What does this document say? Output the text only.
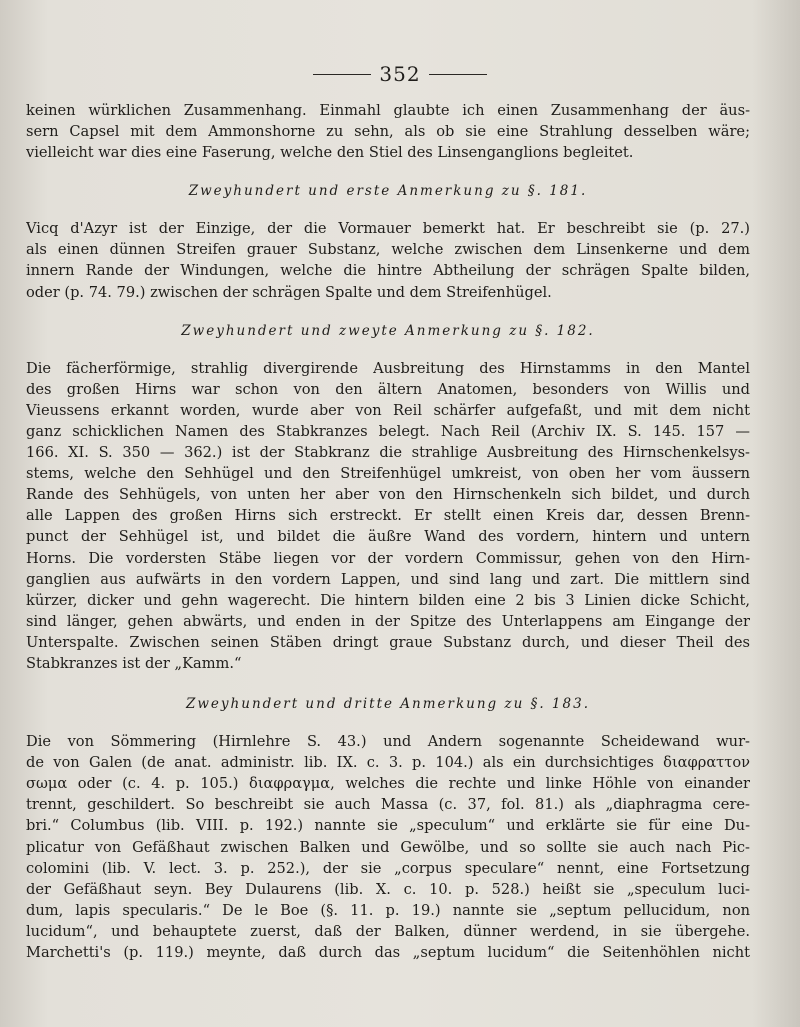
352
keinen würklichen Zusammenhang. Einmahl glaubte ich einen Zusammenhang der äus-
sern Capsel mit dem Ammonshorne zu sehn, als ob sie eine Strahlung desselben wäre;
vielleicht war dies eine Faserung, welche den Stiel des Linsenganglions begleitet.
Zweyhundert und erste Anmerkung zu §. 181.
Vicq d'Azyr ist der Einzige, der die Vormauer bemerkt hat. Er beschreibt sie (p. 27.)
als einen dünnen Streifen grauer Substanz, welche zwischen dem Linsenkerne und dem
innern Rande der Windungen, welche die hintre Abtheilung der schrägen Spalte bilden,
oder (p. 74. 79.) zwischen der schrägen Spalte und dem Streifenhügel.
Zweyhundert und zweyte Anmerkung zu §. 182.
Die fächerförmige, strahlig divergirende Ausbreitung des Hirnstamms in den Mantel
des großen Hirns war schon von den ältern Anatomen, besonders von Willis und
Vieussens erkannt worden, wurde aber von Reil schärfer aufgefaßt, und mit dem nicht
ganz schicklichen Namen des Stabkranzes belegt. Nach Reil (Archiv IX. S. 145. 157 —
166. XI. S. 350 — 362.) ist der Stabkranz die strahlige Ausbreitung des Hirnschenkelsys-
stems, welche den Sehhügel und den Streifenhügel umkreist, von oben her vom äussern
Rande des Sehhügels, von unten her aber von den Hirnschenkeln sich bildet, und durch
alle Lappen des großen Hirns sich erstreckt. Er stellt einen Kreis dar, dessen Brenn-
punct der Sehhügel ist, und bildet die äußre Wand des vordern, hintern und untern
Horns. Die vordersten Stäbe liegen vor der vordern Commissur, gehen von den Hirn-
ganglien aus aufwärts in den vordern Lappen, und sind lang und zart. Die mittlern sind
kürzer, dicker und gehn wagerecht. Die hintern bilden eine 2 bis 3 Linien dicke Schicht,
sind länger, gehen abwärts, und enden in der Spitze des Unterlappens am Eingange der
Unterspalte. Zwischen seinen Stäben dringt graue Substanz durch, und dieser Theil des
Stabkranzes ist der „Kamm.“
Zweyhundert und dritte Anmerkung zu §. 183.
Die von Sömmering (Hirnlehre S. 43.) und Andern sogenannte Scheidewand wur-
de von Galen (de anat. administr. lib. IX. c. 3. p. 104.) als ein durchsichtiges διαφραττον
σωμα oder (c. 4. p. 105.) διαφραγμα, welches die rechte und linke Höhle von einander
trennt, geschildert. So beschreibt sie auch Massa (c. 37, fol. 81.) als „diaphragma cere-
bri.“ Columbus (lib. VIII. p. 192.) nannte sie „speculum“ und erklärte sie für eine Du-
plicatur von Gefäßhaut zwischen Balken und Gewölbe, und so sollte sie auch nach Pic-
colomini (lib. V. lect. 3. p. 252.), der sie „corpus speculare“ nennt, eine Fortsetzung
der Gefäßhaut seyn. Bey Dulaurens (lib. X. c. 10. p. 528.) heißt sie „speculum luci-
dum, lapis specularis.“ De le Boe (§. 11. p. 19.) nannte sie „septum pellucidum, non
lucidum“, und behauptete zuerst, daß der Balken, dünner werdend, in sie übergehe.
Marchetti's (p. 119.) meynte, daß durch das „septum lucidum“ die Seitenhöhlen nicht
